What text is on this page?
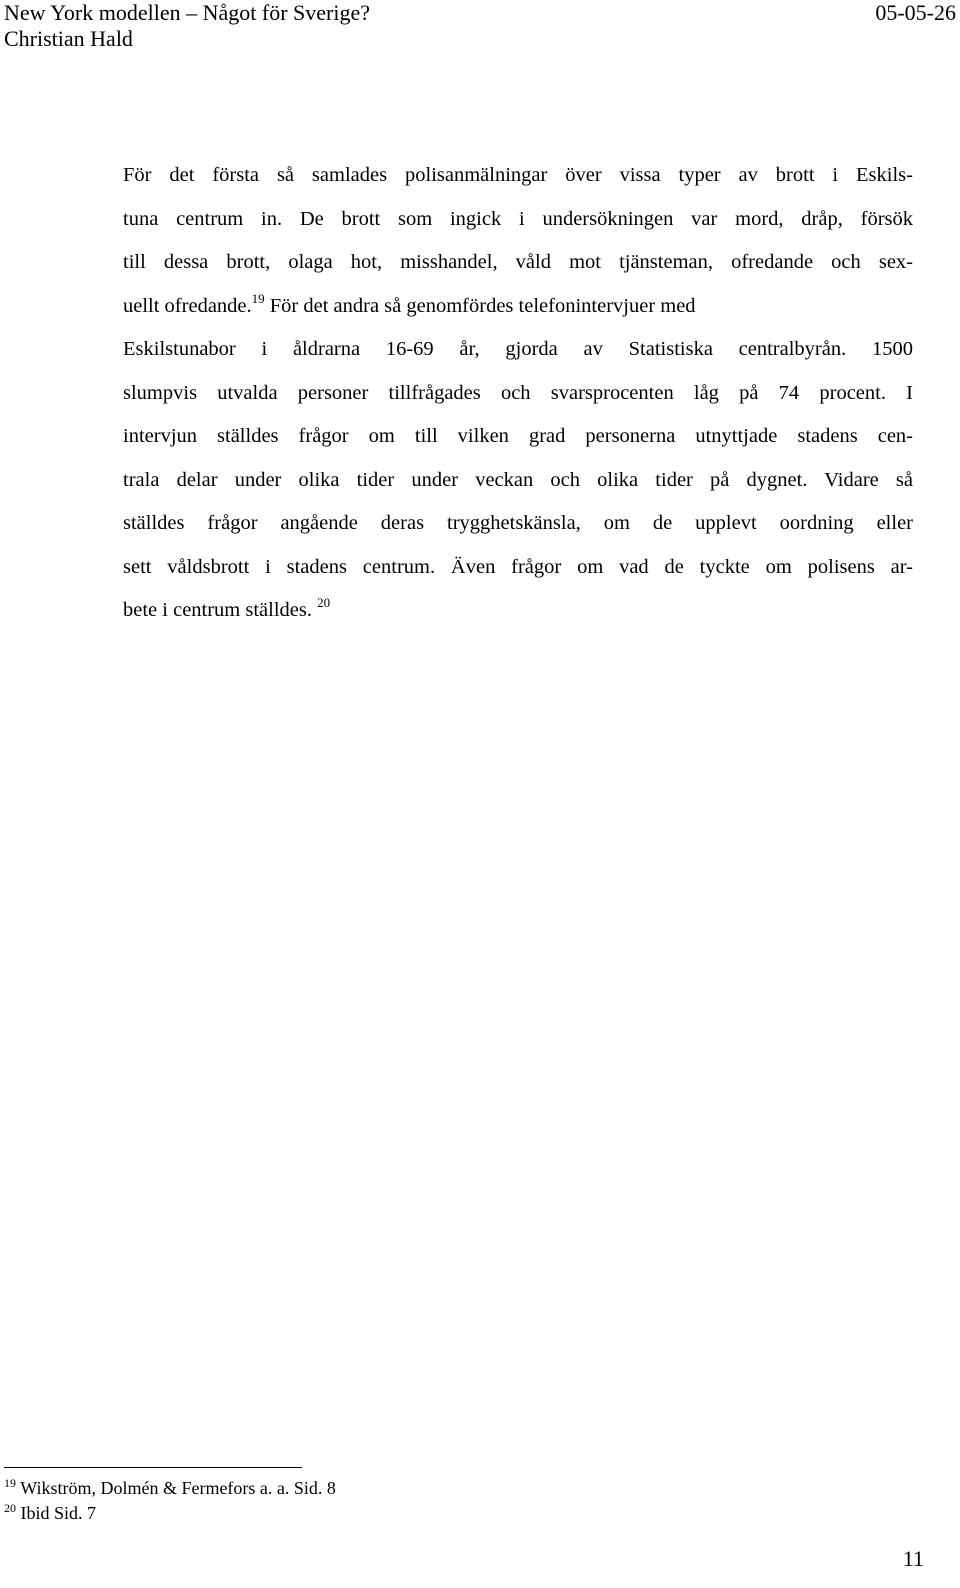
New York modellen – Något för Sverige?	05-05-26
Christian Hald
För det första så samlades polisanmälningar över vissa typer av brott i Eskils-
tuna centrum in. De brott som ingick i undersökningen var mord, dråp, försök
till dessa brott, olaga hot, misshandel, våld mot tjänsteman, ofredande och sex-
uellt ofredande.$^{19}$ För det andra så genomfördes telefonintervjuer med
Eskilstunabor i åldrarna 16-69 år, gjorda av Statistiska centralbyrån. 1500
slumpvis utvalda personer tillfrågades och svarsprocenten låg på 74 procent. I
intervjun ställdes frågor om till vilken grad personerna utnyttjade stadens cen-
trala delar under olika tider under veckan och olika tider på dygnet. Vidare så
ställdes frågor angående deras trygghetskänsla, om de upplevt oordning eller
sett våldsbrott i stadens centrum. Även frågor om vad de tyckte om polisens ar-
bete i centrum ställdes. $^{20}$
$^{19}$ Wikström, Dolmén & Fermefors a. a. Sid. 8
$^{20}$ Ibid Sid. 7
11
